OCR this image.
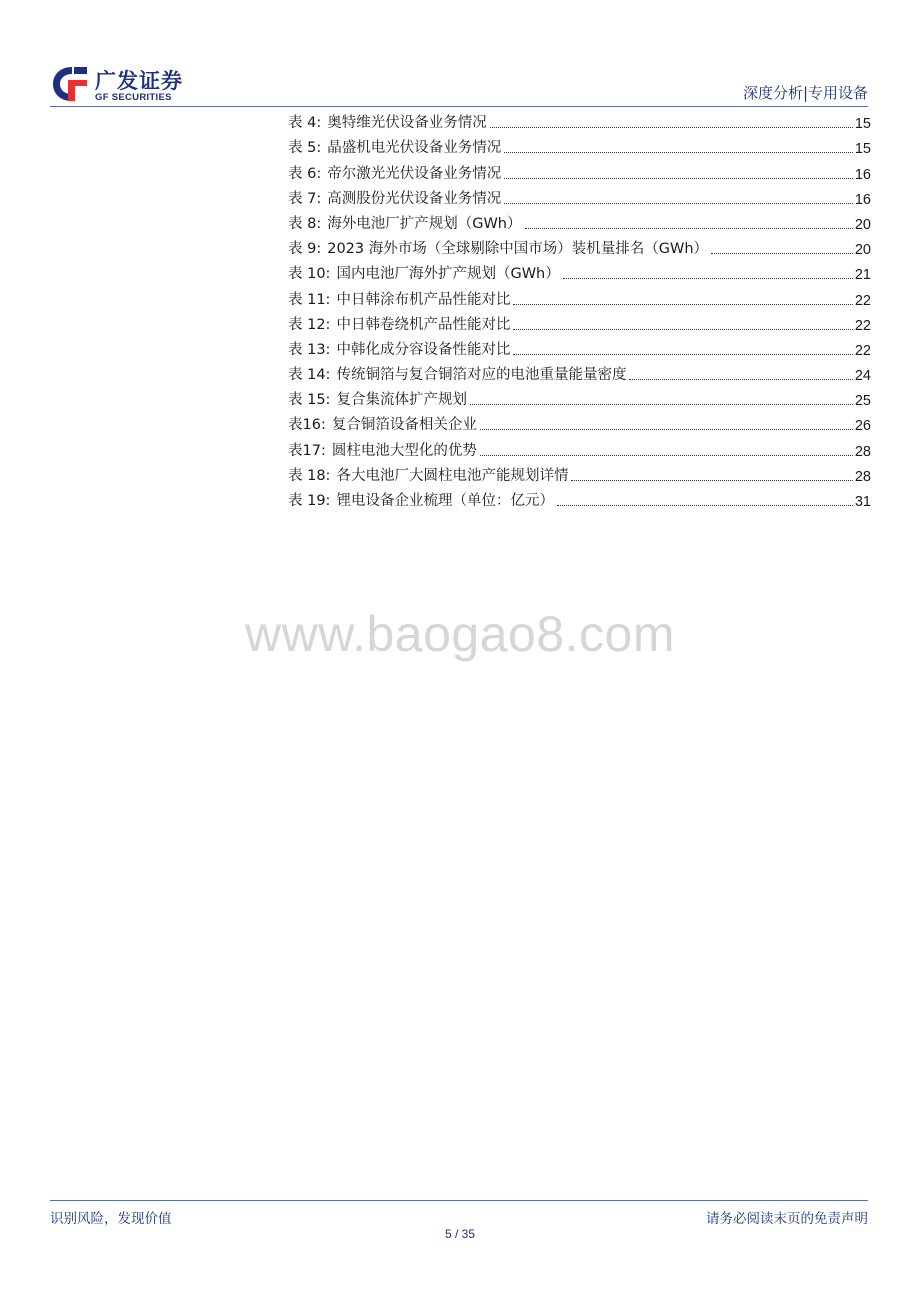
广发证券
GF SECURITIES	深度分析|专用设备
表 4: 奥特维光伏设备业务情况	15
表 5: 晶盛机电光伏设备业务情况	15
表 6: 帝尔激光光伏设备业务情况	16
表 7: 高测股份光伏设备业务情况	16
表 8: 海外电池厂扩产规划（GWh）	20
表 9: 2023 海外市场（全球剔除中国市场）装机量排名（GWh）	20
表 10: 国内电池厂海外扩产规划（GWh）	21
表 11: 中日韩涂布机产品性能对比	22
表 12: 中日韩卷绕机产品性能对比	22
表 13: 中韩化成分容设备性能对比	22
表 14: 传统铜箔与复合铜箔对应的电池重量能量密度	24
表 15: 复合集流体扩产规划	25
表16: 复合铜箔设备相关企业	26
表17: 圆柱电池大型化的优势	28
表 18: 各大电池厂大圆柱电池产能规划详情	28
表 19: 锂电设备企业梳理（单位：亿元）	31
www.baogao8.com
识别风险，发现价值	请务必阅读末页的免责声明
5 / 35
